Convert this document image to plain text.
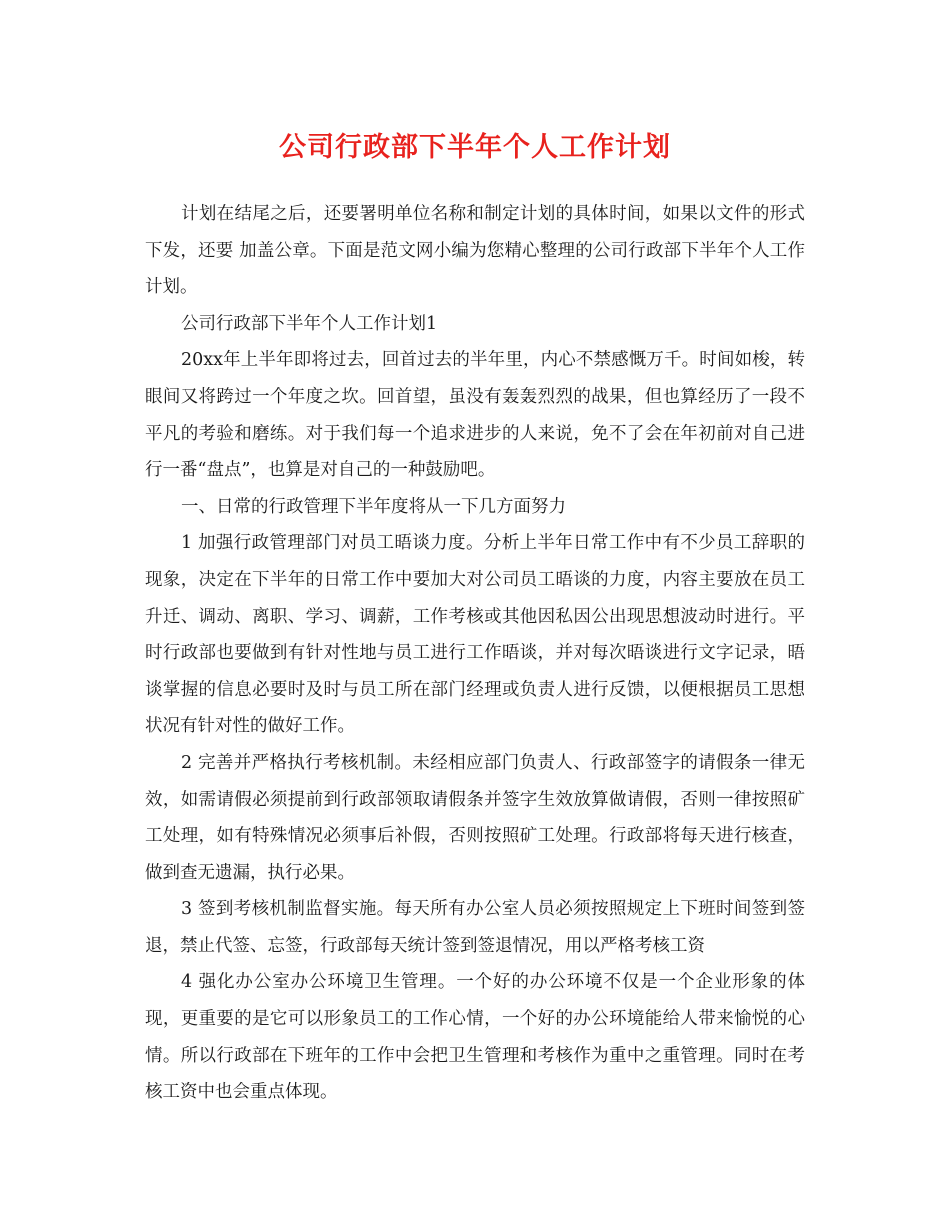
公司行政部下半年个人工作计划

计划在结尾之后，还要署明单位名称和制定计划的具体时间，如果以文件的形式下发，还要 加盖公章。下面是范文网小编为您精心整理的公司行政部下半年个人工作计划。

公司行政部下半年个人工作计划1

20xx年上半年即将过去，回首过去的半年里，内心不禁感慨万千。时间如梭，转眼间又将跨过一个年度之坎。回首望，虽没有轰轰烈烈的战果，但也算经历了一段不平凡的考验和磨练。对于我们每一个追求进步的人来说，免不了会在年初前对自己进行一番“盘点”，也算是对自己的一种鼓励吧。

一、日常的行政管理下半年度将从一下几方面努力

1 加强行政管理部门对员工晤谈力度。分析上半年日常工作中有不少员工辞职的现象，决定在下半年的日常工作中要加大对公司员工晤谈的力度，内容主要放在员工升迁、调动、离职、学习、调薪，工作考核或其他因私因公出现思想波动时进行。平时行政部也要做到有针对性地与员工进行工作晤谈，并对每次晤谈进行文字记录，晤谈掌握的信息必要时及时与员工所在部门经理或负责人进行反馈，以便根据员工思想状况有针对性的做好工作。

2 完善并严格执行考核机制。未经相应部门负责人、行政部签字的请假条一律无效，如需请假必须提前到行政部领取请假条并签字生效放算做请假，否则一律按照矿工处理，如有特殊情况必须事后补假，否则按照矿工处理。行政部将每天进行核查，做到查无遗漏，执行必果。

3 签到考核机制监督实施。每天所有办公室人员必须按照规定上下班时间签到签退，禁止代签、忘签，行政部每天统计签到签退情况，用以严格考核工资

4 强化办公室办公环境卫生管理。一个好的办公环境不仅是一个企业形象的体现，更重要的是它可以形象员工的工作心情，一个好的办公环境能给人带来愉悦的心情。所以行政部在下班年的工作中会把卫生管理和考核作为重中之重管理。同时在考核工资中也会重点体现。
